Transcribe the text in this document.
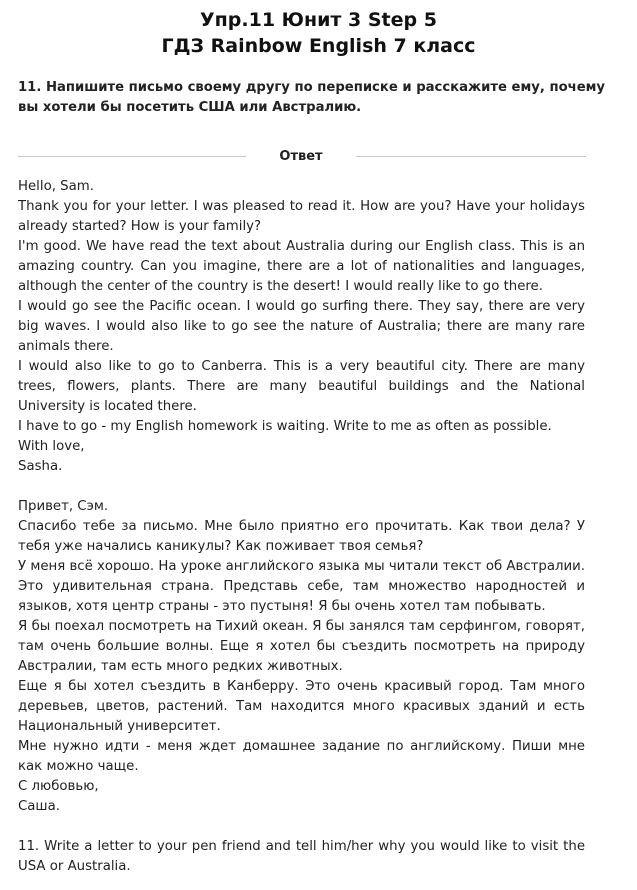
Упр.11 Юнит 3 Step 5
ГДЗ Rainbow English 7 класс
11. Напишите письмо своему другу по переписке и расскажите ему, почему вы хотели бы посетить США или Австралию.
Ответ

Hello, Sam.

Thank you for your letter. I was pleased to read it. How are you? Have your holidays already started? How is your family?

I'm good. We have read the text about Australia during our English class. This is an amazing country. Can you imagine, there are a lot of nationalities and languages, although the center of the country is the desert! I would really like to go there.

I would go see the Pacific ocean. I would go surfing there. They say, there are very big waves. I would also like to go see the nature of Australia; there are many rare animals there.

I would also like to go to Canberra. This is a very beautiful city. There are many trees, flowers, plants. There are many beautiful buildings and the National University is located there.

I have to go - my English homework is waiting. Write to me as often as possible.

With love,

Sasha.

Привет, Сэм.

Спасибо тебе за письмо. Мне было приятно его прочитать. Как твои дела? У тебя уже начались каникулы? Как поживает твоя семья?

У меня всё хорошо. На уроке английского языка мы читали текст об Австралии. Это удивительная страна. Представь себе, там множество народностей и языков, хотя центр страны - это пустыня! Я бы очень хотел там побывать.

Я бы поехал посмотреть на Тихий океан. Я бы занялся там серфингом, говорят, там очень большие волны. Еще я хотел бы съездить посмотреть на природу Австралии, там есть много редких животных.

Еще я бы хотел съездить в Канберру. Это очень красивый город. Там много деревьев, цветов, растений. Там находится много красивых зданий и есть Национальный университет.

Мне нужно идти - меня ждет домашнее задание по английскому. Пиши мне как можно чаще.

С любовью,

Саша.

11. Write a letter to your pen friend and tell him/her why you would like to visit the USA or Australia.
